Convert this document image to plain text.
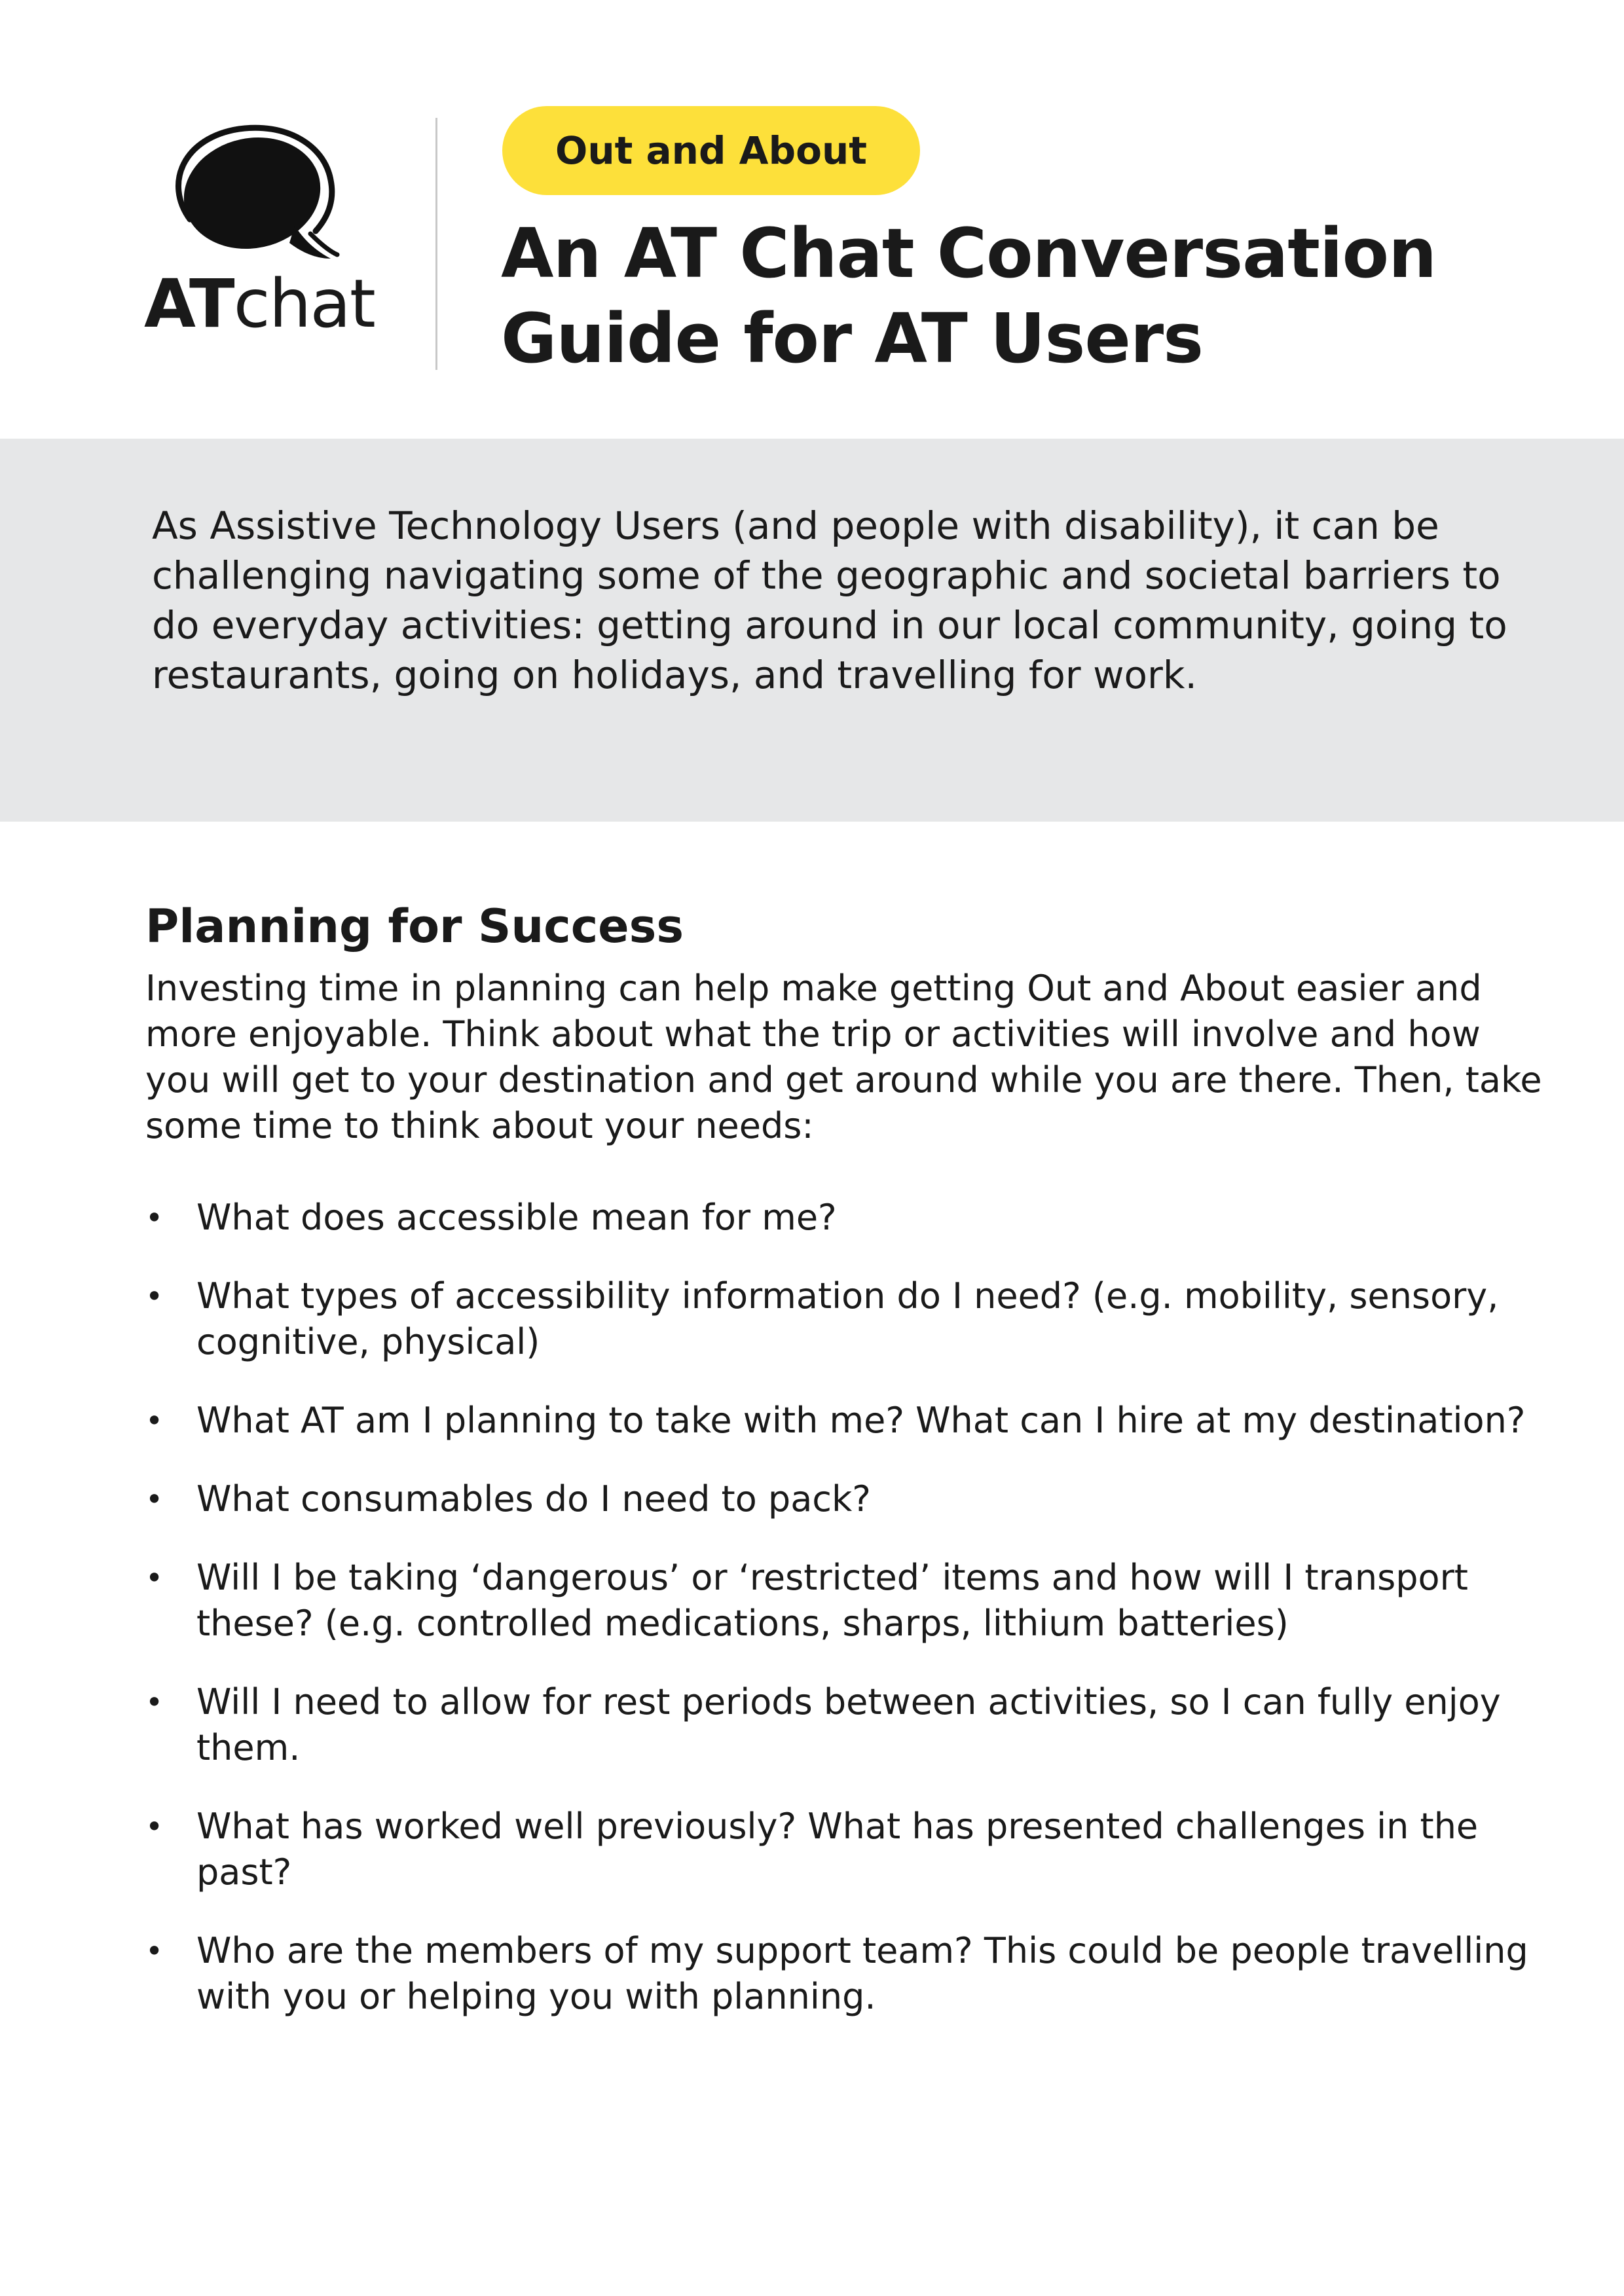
ATchat
Out and About
An AT Chat Conversation Guide for AT Users

As Assistive Technology Users (and people with disability), it can be challenging navigating some of the geographic and societal barriers to do everyday activities: getting around in our local community, going to restaurants, going on holidays, and travelling for work.

Planning for Success

Investing time in planning can help make getting Out and About easier and more enjoyable. Think about what the trip or activities will involve and how you will get to your destination and get around while you are there. Then, take some time to think about your needs:

• What does accessible mean for me?
• What types of accessibility information do I need? (e.g. mobility, sensory, cognitive, physical)
• What AT am I planning to take with me? What can I hire at my destination?
• What consumables do I need to pack?
• Will I be taking ‘dangerous’ or ‘restricted’ items and how will I transport these? (e.g. controlled medications, sharps, lithium batteries)
• Will I need to allow for rest periods between activities, so I can fully enjoy them.
• What has worked well previously? What has presented challenges in the past?
• Who are the members of my support team? This could be people travelling with you or helping you with planning.
